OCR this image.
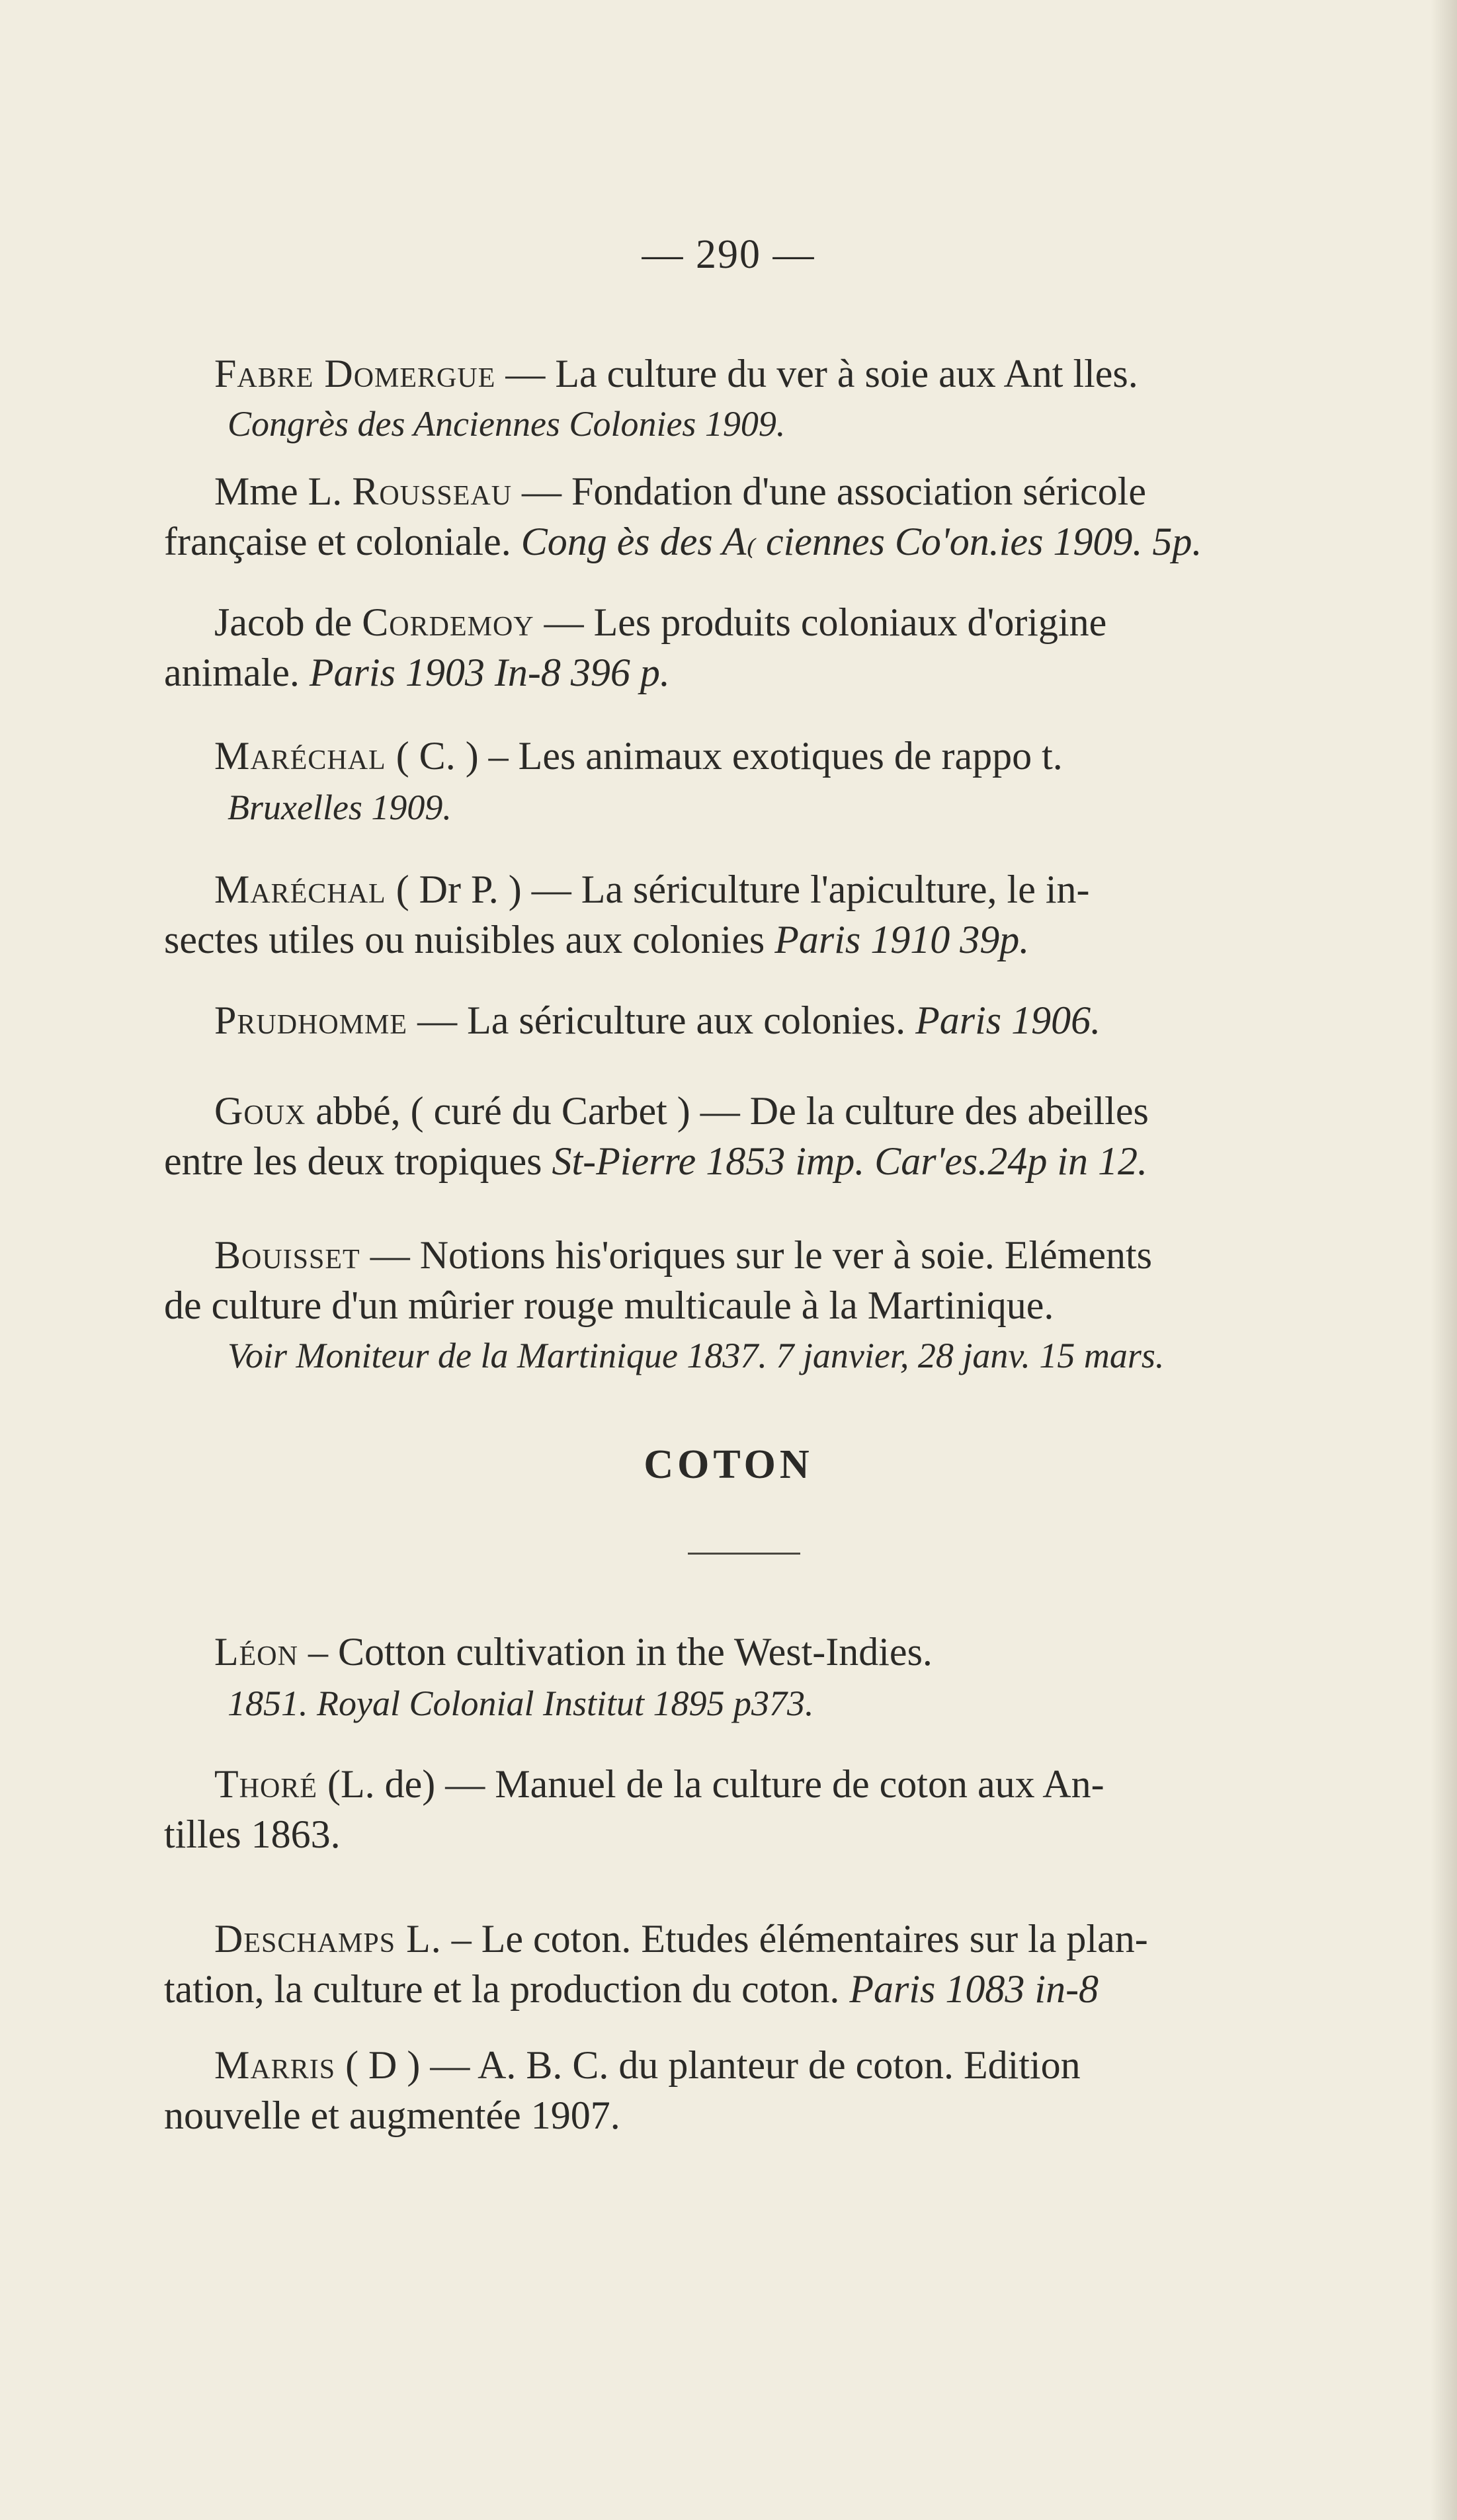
— 290 —

Fabre Domergue — La culture du ver à soie aux Ant lles.

Congrès des Anciennes Colonies 1909.

Mme L. Rousseau — Fondation d'une association séricole

française et coloniale. Cong ès des A₍ ciennes Co'on.ies 1909. 5p.

Jacob de Cordemoy — Les produits coloniaux d'origine

animale. Paris 1903 In-8 396 p.

Maréchal ( C. ) – Les animaux exotiques de rappo t.

Bruxelles 1909.

Maréchal ( Dr P. ) — La sériculture l'apiculture, le in-

sectes utiles ou nuisibles aux colonies Paris 1910 39p.

Prudhomme — La sériculture aux colonies. Paris 1906.

Goux abbé, ( curé du Carbet ) — De la culture des abeilles

entre les deux tropiques St-Pierre 1853 imp. Car'es.24p in 12.

Bouisset — Notions his'oriques sur le ver à soie. Eléments

de culture d'un mûrier rouge multicaule à la Martinique.

Voir Moniteur de la Martinique 1837. 7 janvier, 28 janv. 15 mars.

COTON

Léon – Cotton cultivation in the West-Indies.

1851. Royal Colonial Institut 1895 p373.

Thoré (L. de) — Manuel de la culture de coton aux An-

tilles 1863.

Deschamps L. – Le coton. Etudes élémentaires sur la plan-

tation, la culture et la production du coton. Paris 1083 in-8

Marris ( D ) — A. B. C. du planteur de coton. Edition

nouvelle et augmentée 1907.
